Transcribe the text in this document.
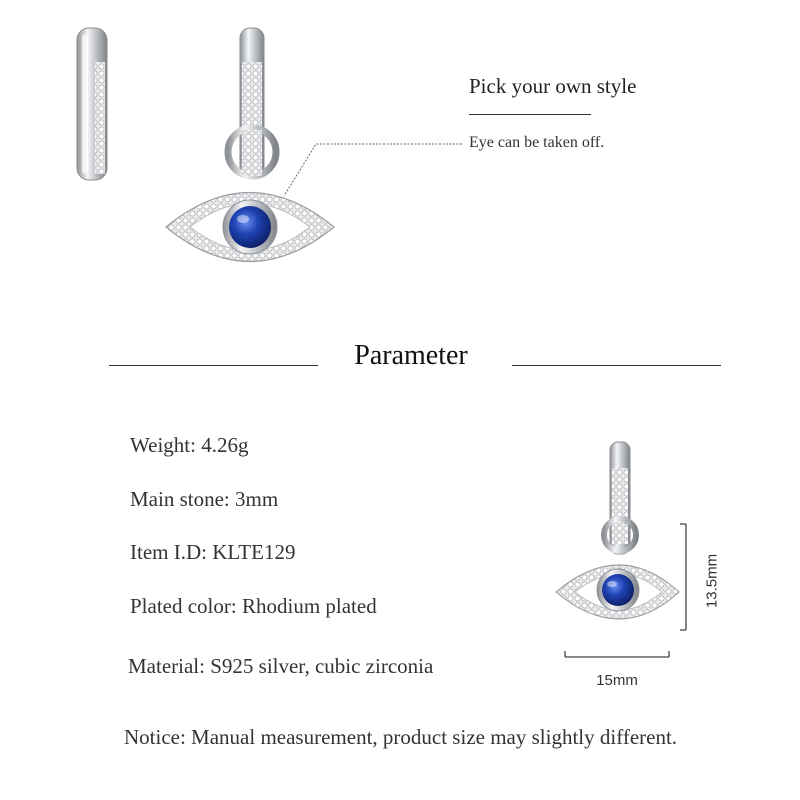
Pick your own style
Eye can be taken off.
Parameter
Weight: 4.26g
Main stone: 3mm
Item I.D: KLTE129
Plated color: Rhodium plated
Material: S925 silver, cubic zirconia
15mm
13.5mm
Notice: Manual measurement, product size may slightly different.
